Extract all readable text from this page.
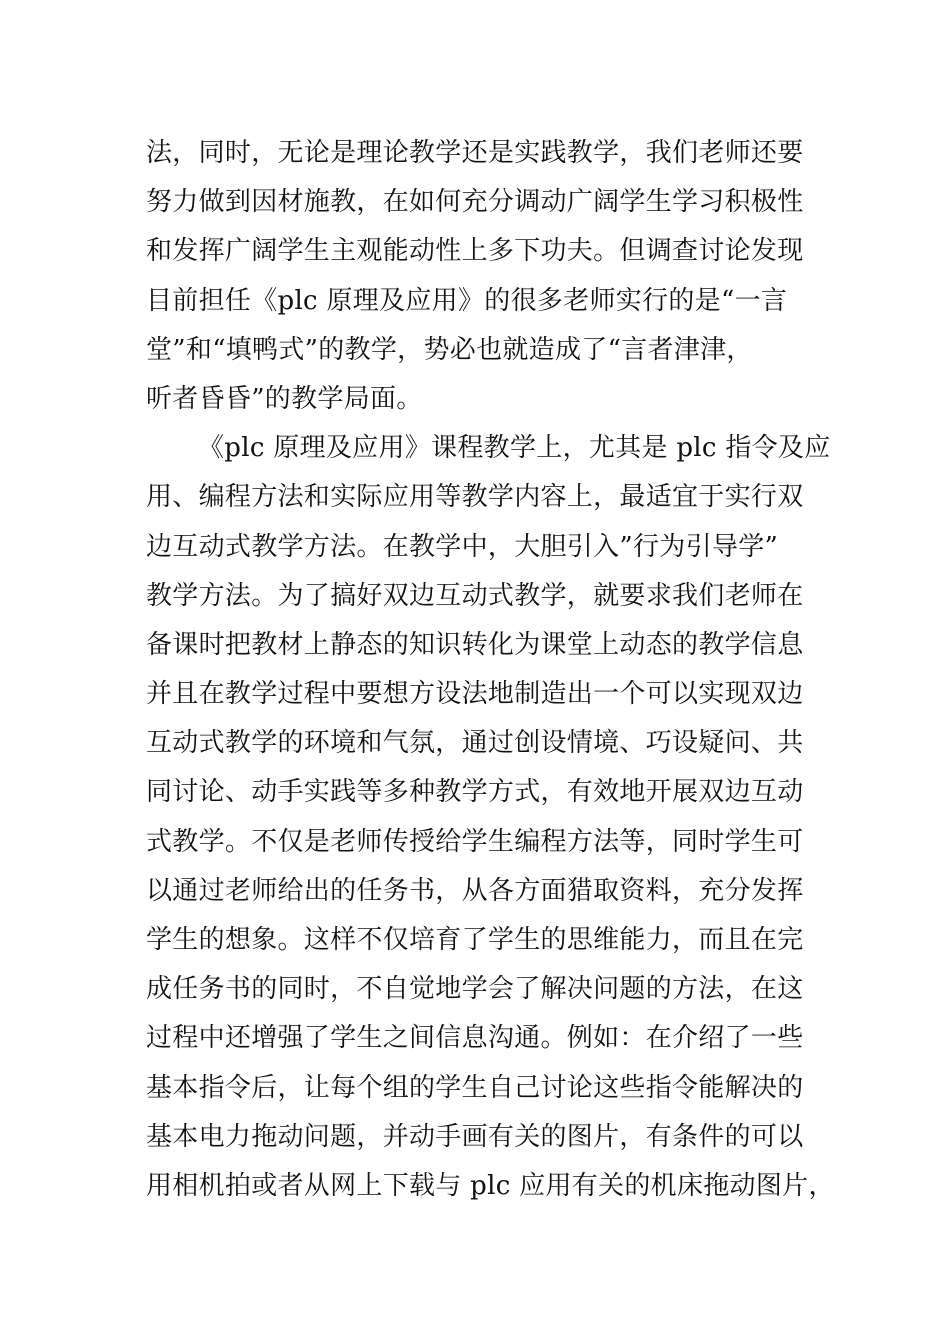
法，同时，无论是理论教学还是实践教学，我们老师还要
努力做到因材施教，在如何充分调动广阔学生学习积极性
和发挥广阔学生主观能动性上多下功夫。但调查讨论发现
目前担任《plc 原理及应用》的很多老师实行的是“一言
堂”和“填鸭式”的教学，势必也就造成了“言者津津，
听者昏昏”的教学局面。
《plc 原理及应用》课程教学上，尤其是 plc 指令及应
用、编程方法和实际应用等教学内容上，最适宜于实行双
边互动式教学方法。在教学中，大胆引入”行为引导学”
教学方法。为了搞好双边互动式教学，就要求我们老师在
备课时把教材上静态的知识转化为课堂上动态的教学信息
并且在教学过程中要想方设法地制造出一个可以实现双边
互动式教学的环境和气氛，通过创设情境、巧设疑问、共
同讨论、动手实践等多种教学方式，有效地开展双边互动
式教学。不仅是老师传授给学生编程方法等，同时学生可
以通过老师给出的任务书，从各方面猎取资料，充分发挥
学生的想象。这样不仅培育了学生的思维能力，而且在完
成任务书的同时，不自觉地学会了解决问题的方法，在这
过程中还增强了学生之间信息沟通。例如：在介绍了一些
基本指令后，让每个组的学生自己讨论这些指令能解决的
基本电力拖动问题，并动手画有关的图片，有条件的可以
用相机拍或者从网上下载与 plc 应用有关的机床拖动图片，
